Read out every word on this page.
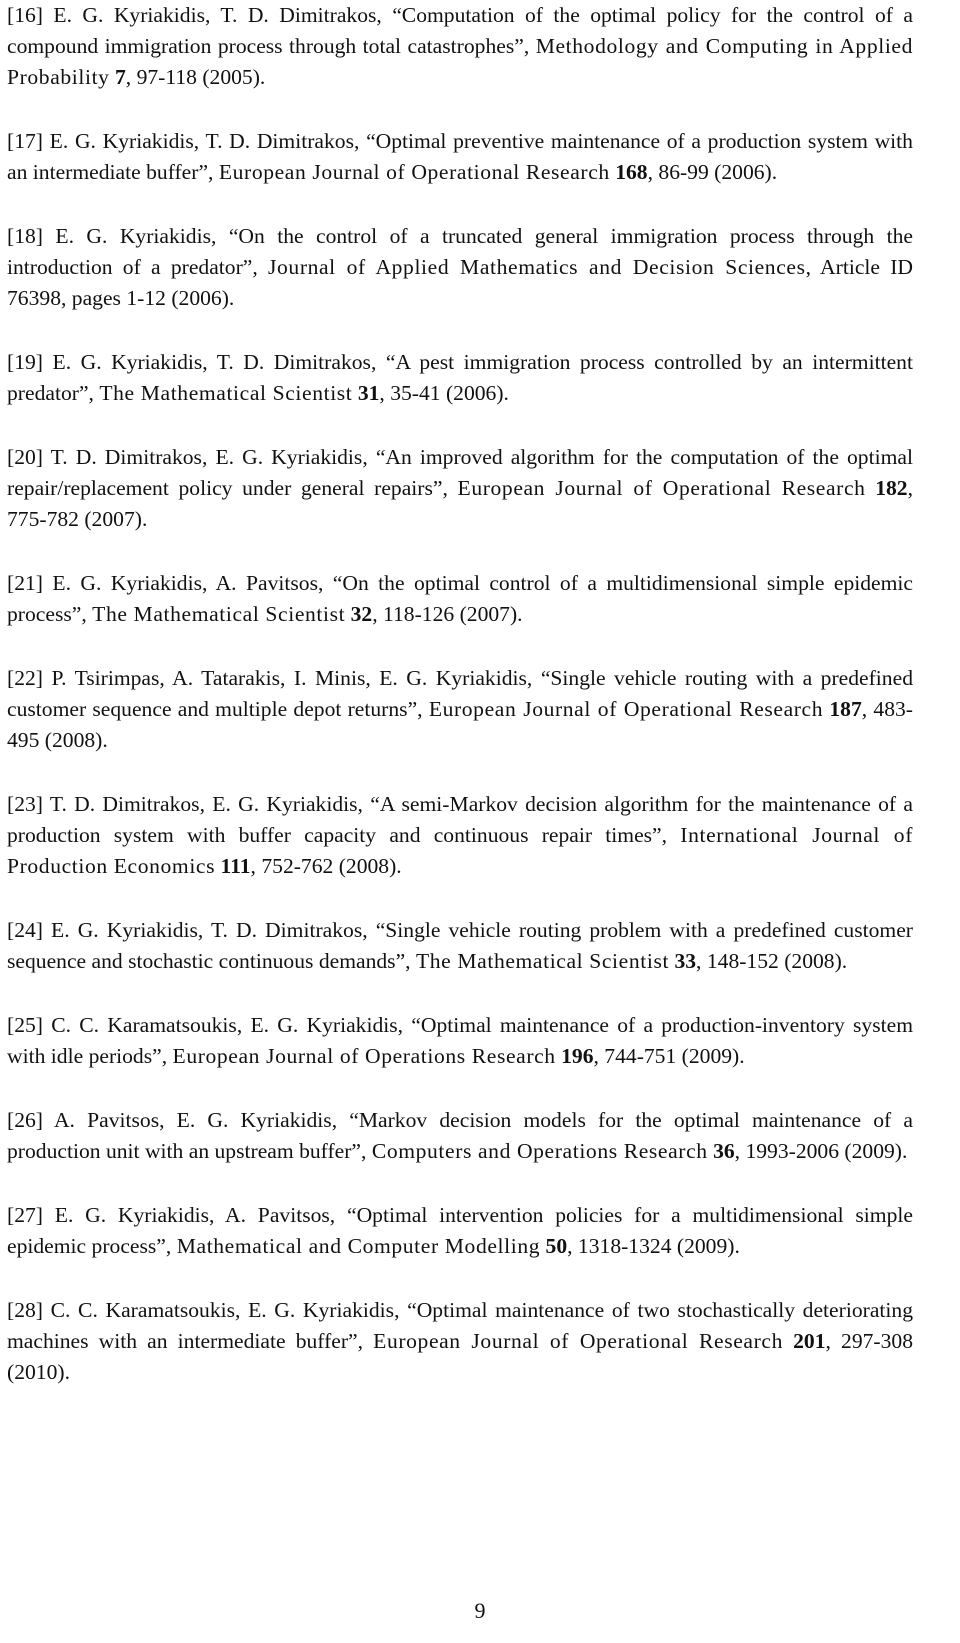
[16] E. G. Kyriakidis, T. D. Dimitrakos, “Computation of the optimal policy for the control of a compound immigration process through total catastrophes”, Methodology and Computing in Applied Probability 7, 97-118 (2005).

[17] E. G. Kyriakidis, T. D. Dimitrakos, “Optimal preventive maintenance of a production system with an intermediate buffer”, European Journal of Operational Research 168, 86-99 (2006).

[18] E. G. Kyriakidis, “On the control of a truncated general immigration process through the introduction of a predator”, Journal of Applied Mathematics and Decision Sciences, Article ID 76398, pages 1-12 (2006).

[19] E. G. Kyriakidis, T. D. Dimitrakos, “A pest immigration process controlled by an intermittent predator”, The Mathematical Scientist 31, 35-41 (2006).

[20] T. D. Dimitrakos, E. G. Kyriakidis, “An improved algorithm for the computation of the optimal repair/replacement policy under general repairs”, European Journal of Operational Research 182, 775-782 (2007).

[21] E. G. Kyriakidis, A. Pavitsos, “On the optimal control of a multidimensional simple epidemic process”, The Mathematical Scientist 32, 118-126 (2007).

[22] P. Tsirimpas, A. Tatarakis, I. Minis, E. G. Kyriakidis, “Single vehicle routing with a predefined customer sequence and multiple depot returns”, European Journal of Operational Research 187, 483-495 (2008).

[23] T. D. Dimitrakos, E. G. Kyriakidis, “A semi-Markov decision algorithm for the maintenance of a production system with buffer capacity and continuous repair times”, International Journal of Production Economics 111, 752-762 (2008).

[24] E. G. Kyriakidis, T. D. Dimitrakos, “Single vehicle routing problem with a predefined customer sequence and stochastic continuous demands”, The Mathematical Scientist 33, 148-152 (2008).

[25] C. C. Karamatsoukis, E. G. Kyriakidis, “Optimal maintenance of a production-inventory system with idle periods”, European Journal of Operations Research 196, 744-751 (2009).

[26] A. Pavitsos, E. G. Kyriakidis, “Markov decision models for the optimal maintenance of a production unit with an upstream buffer”, Computers and Operations Research 36, 1993-2006 (2009).

[27] E. G. Kyriakidis, A. Pavitsos, “Optimal intervention policies for a multidimensional simple epidemic process”, Mathematical and Computer Modelling 50, 1318-1324 (2009).

[28] C. C. Karamatsoukis, E. G. Kyriakidis, “Optimal maintenance of two stochastically deteriorating machines with an intermediate buffer”, European Journal of Operational Research 201, 297-308 (2010).

9
